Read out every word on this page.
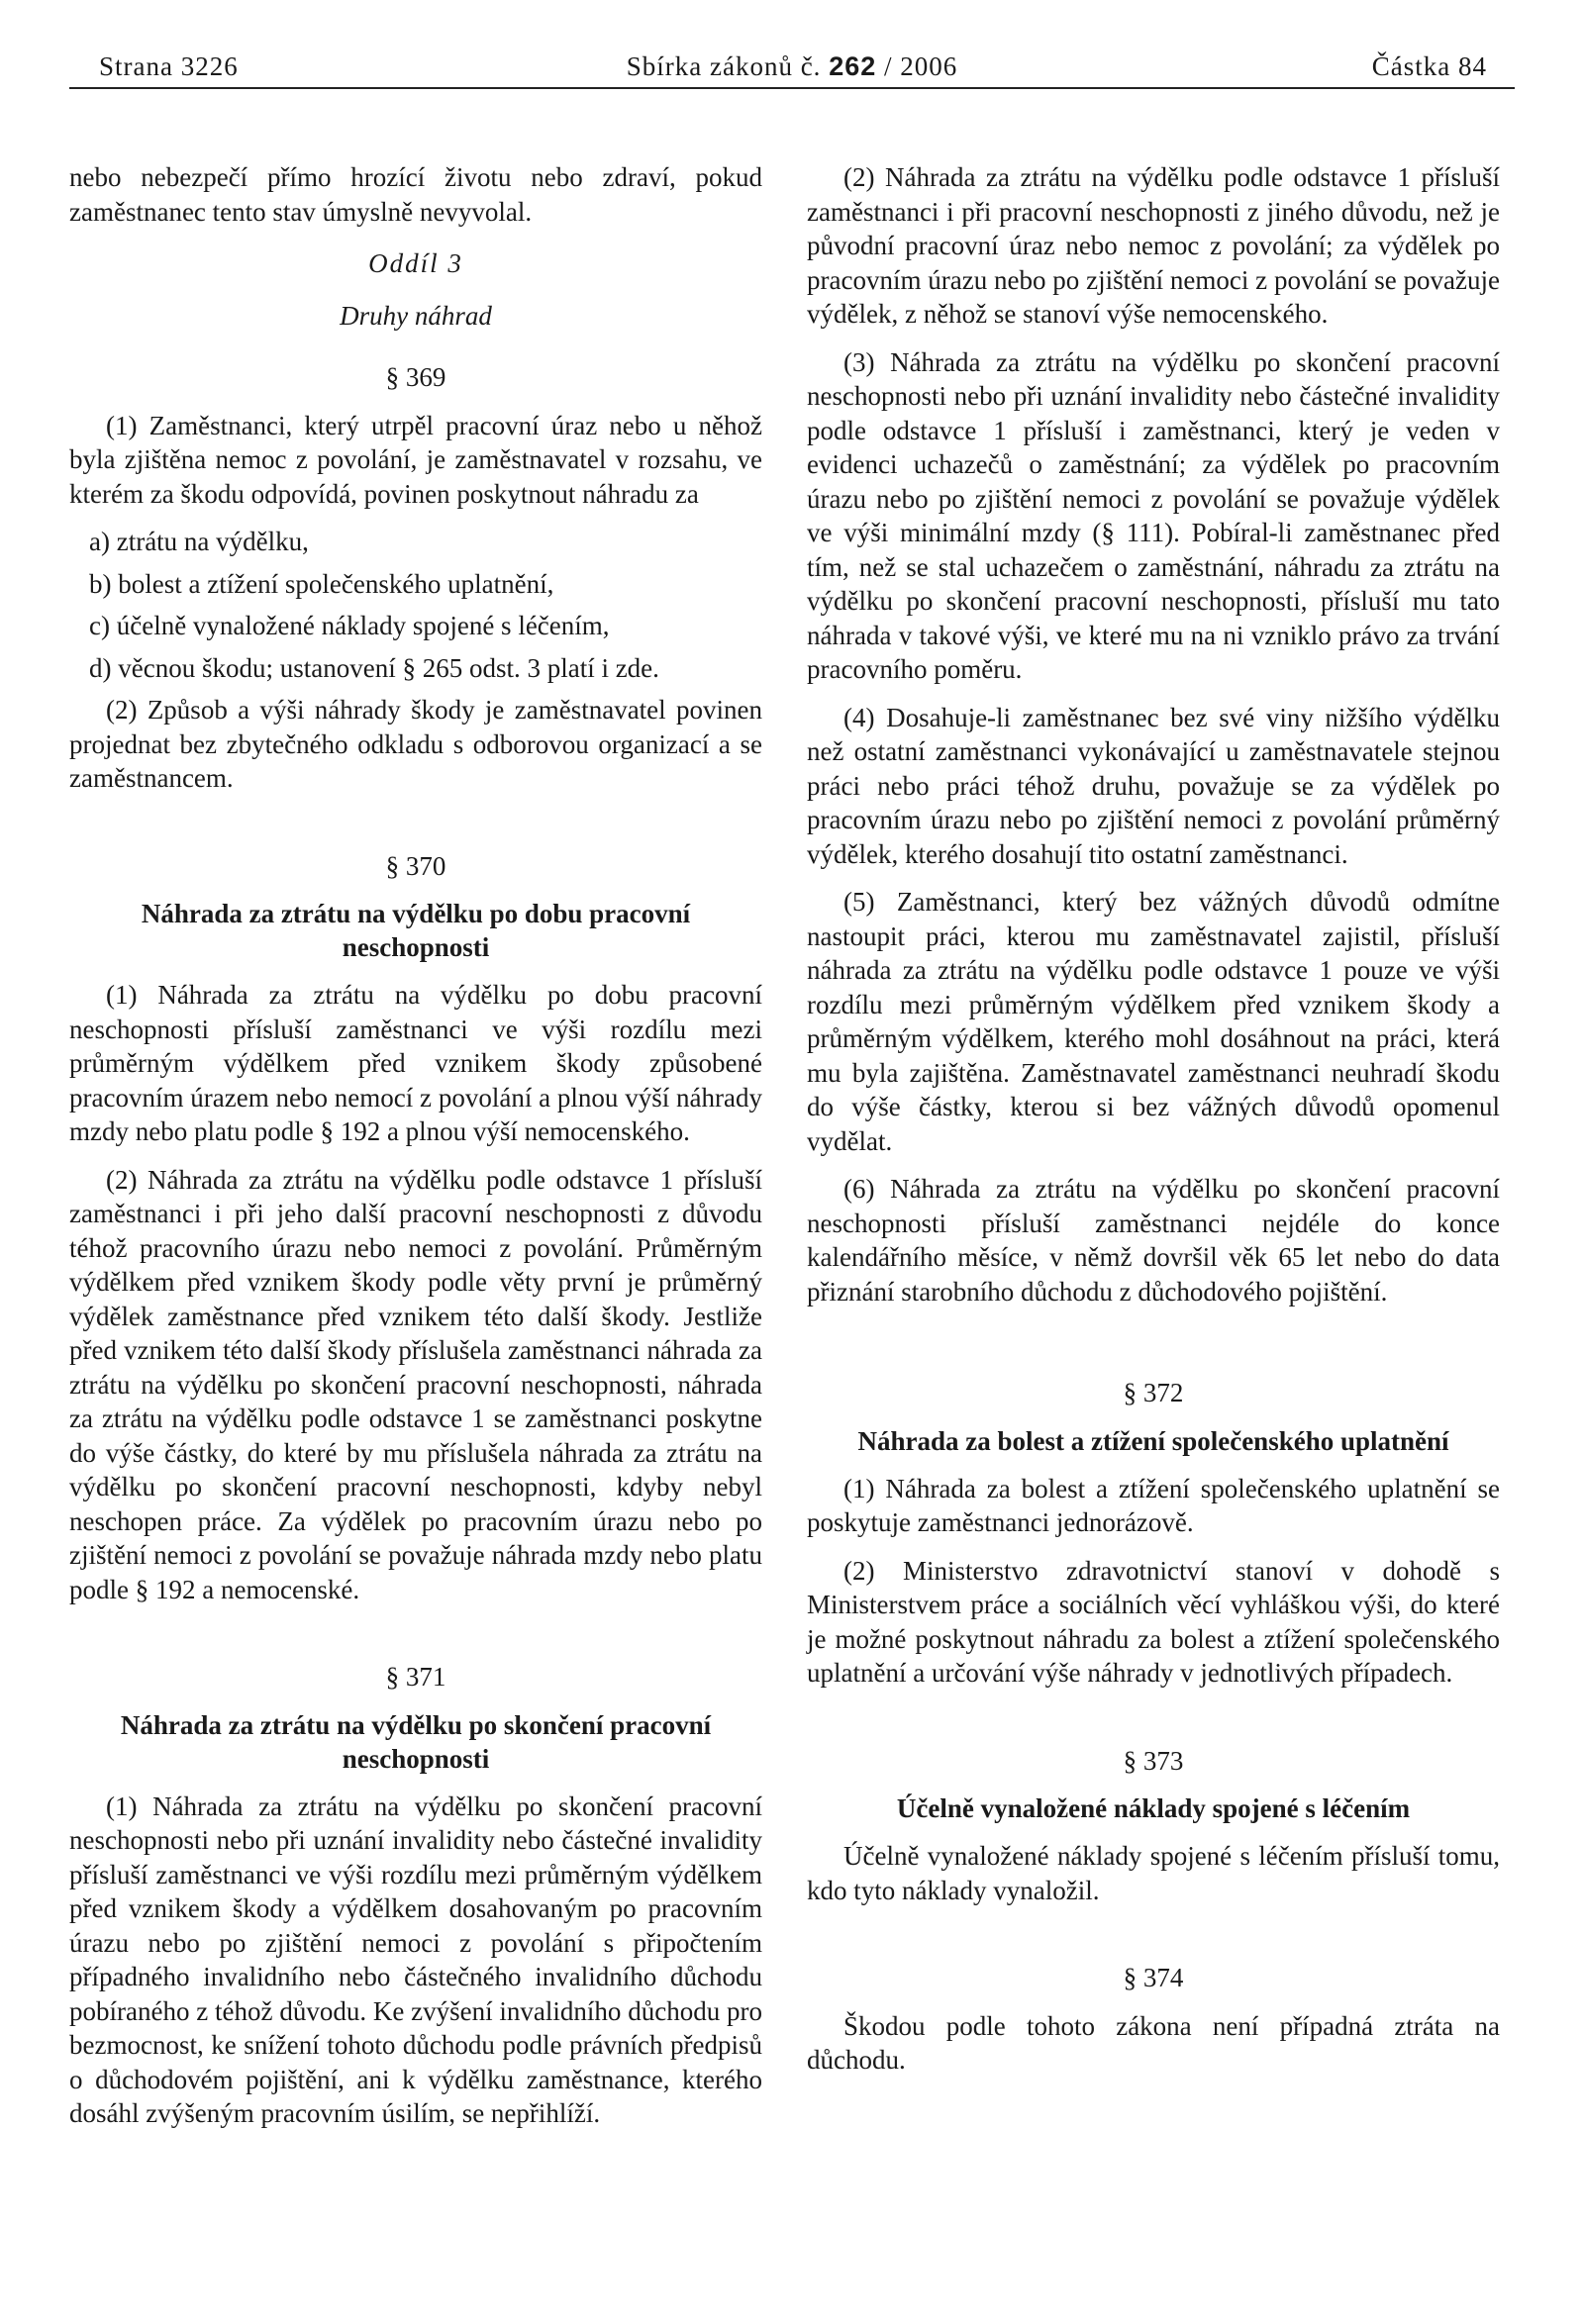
Strana 3226	Sbírka zákonů č. 262 / 2006	Částka 84

nebo nebezpečí přímo hrozící životu nebo zdraví, pokud zaměstnanec tento stav úmyslně nevyvolal.

Oddíl 3
Druhy náhrad
§ 369

(1) Zaměstnanci, který utrpěl pracovní úraz nebo u něhož byla zjištěna nemoc z povolání, je zaměstnavatel v rozsahu, ve kterém za škodu odpovídá, povinen poskytnout náhradu za

a) ztrátu na výdělku,
b) bolest a ztížení společenského uplatnění,
c) účelně vynaložené náklady spojené s léčením,
d) věcnou škodu; ustanovení § 265 odst. 3 platí i zde.

(2) Způsob a výši náhrady škody je zaměstnavatel povinen projednat bez zbytečného odkladu s odborovou organizací a se zaměstnancem.

§ 370
Náhrada za ztrátu na výdělku po dobu pracovní neschopnosti

(1) Náhrada za ztrátu na výdělku po dobu pracovní neschopnosti přísluší zaměstnanci ve výši rozdílu mezi průměrným výdělkem před vznikem škody způsobené pracovním úrazem nebo nemocí z povolání a plnou výší náhrady mzdy nebo platu podle § 192 a plnou výší nemocenského.

(2) Náhrada za ztrátu na výdělku podle odstavce 1 přísluší zaměstnanci i při jeho další pracovní neschopnosti z důvodu téhož pracovního úrazu nebo nemoci z povolání. Průměrným výdělkem před vznikem škody podle věty první je průměrný výdělek zaměstnance před vznikem této další škody. Jestliže před vznikem této další škody příslušela zaměstnanci náhrada za ztrátu na výdělku po skončení pracovní neschopnosti, náhrada za ztrátu na výdělku podle odstavce 1 se zaměstnanci poskytne do výše částky, do které by mu příslušela náhrada za ztrátu na výdělku po skončení pracovní neschopnosti, kdyby nebyl neschopen práce. Za výdělek po pracovním úrazu nebo po zjištění nemoci z povolání se považuje náhrada mzdy nebo platu podle § 192 a nemocenské.

§ 371
Náhrada za ztrátu na výdělku po skončení pracovní neschopnosti

(1) Náhrada za ztrátu na výdělku po skončení pracovní neschopnosti nebo při uznání invalidity nebo částečné invalidity přísluší zaměstnanci ve výši rozdílu mezi průměrným výdělkem před vznikem škody a výdělkem dosahovaným po pracovním úrazu nebo po zjištění nemoci z povolání s připočtením případného invalidního nebo částečného invalidního důchodu pobíraného z téhož důvodu. Ke zvýšení invalidního důchodu pro bezmocnost, ke snížení tohoto důchodu podle právních předpisů o důchodovém pojištění, ani k výdělku zaměstnance, kterého dosáhl zvýšeným pracovním úsilím, se nepřihlíží.

(2) Náhrada za ztrátu na výdělku podle odstavce 1 přísluší zaměstnanci i při pracovní neschopnosti z jiného důvodu, než je původní pracovní úraz nebo nemoc z povolání; za výdělek po pracovním úrazu nebo po zjištění nemoci z povolání se považuje výdělek, z něhož se stanoví výše nemocenského.

(3) Náhrada za ztrátu na výdělku po skončení pracovní neschopnosti nebo při uznání invalidity nebo částečné invalidity podle odstavce 1 přísluší i zaměstnanci, který je veden v evidenci uchazečů o zaměstnání; za výdělek po pracovním úrazu nebo po zjištění nemoci z povolání se považuje výdělek ve výši minimální mzdy (§ 111). Pobíral-li zaměstnanec před tím, než se stal uchazečem o zaměstnání, náhradu za ztrátu na výdělku po skončení pracovní neschopnosti, přísluší mu tato náhrada v takové výši, ve které mu na ni vzniklo právo za trvání pracovního poměru.

(4) Dosahuje-li zaměstnanec bez své viny nižšího výdělku než ostatní zaměstnanci vykonávající u zaměstnavatele stejnou práci nebo práci téhož druhu, považuje se za výdělek po pracovním úrazu nebo po zjištění nemoci z povolání průměrný výdělek, kterého dosahují tito ostatní zaměstnanci.

(5) Zaměstnanci, který bez vážných důvodů odmítne nastoupit práci, kterou mu zaměstnavatel zajistil, přísluší náhrada za ztrátu na výdělku podle odstavce 1 pouze ve výši rozdílu mezi průměrným výdělkem před vznikem škody a průměrným výdělkem, kterého mohl dosáhnout na práci, která mu byla zajištěna. Zaměstnavatel zaměstnanci neuhradí škodu do výše částky, kterou si bez vážných důvodů opomenul vydělat.

(6) Náhrada za ztrátu na výdělku po skončení pracovní neschopnosti přísluší zaměstnanci nejdéle do konce kalendářního měsíce, v němž dovršil věk 65 let nebo do data přiznání starobního důchodu z důchodového pojištění.

§ 372
Náhrada za bolest a ztížení společenského uplatnění

(1) Náhrada za bolest a ztížení společenského uplatnění se poskytuje zaměstnanci jednorázově.

(2) Ministerstvo zdravotnictví stanoví v dohodě s Ministerstvem práce a sociálních věcí vyhláškou výši, do které je možné poskytnout náhradu za bolest a ztížení společenského uplatnění a určování výše náhrady v jednotlivých případech.

§ 373
Účelně vynaložené náklady spojené s léčením

Účelně vynaložené náklady spojené s léčením přísluší tomu, kdo tyto náklady vynaložil.

§ 374

Škodou podle tohoto zákona není případná ztráta na důchodu.
